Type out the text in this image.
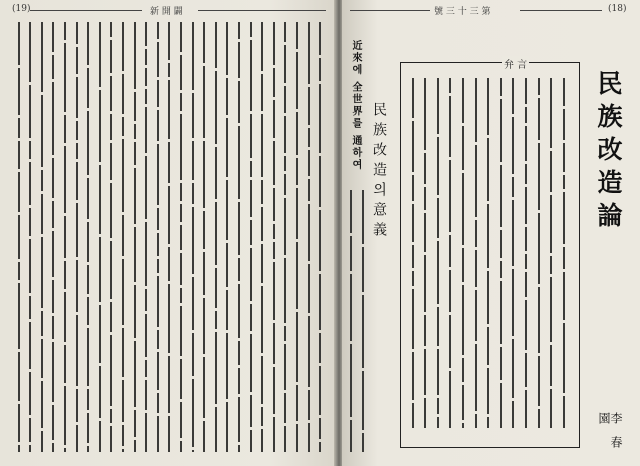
(19)	新 開 闢	號 三 十 三 第	(18)
民族改造論
李 春 園
弁 言
民族改造의意義
近來에 全世界를 通하여
